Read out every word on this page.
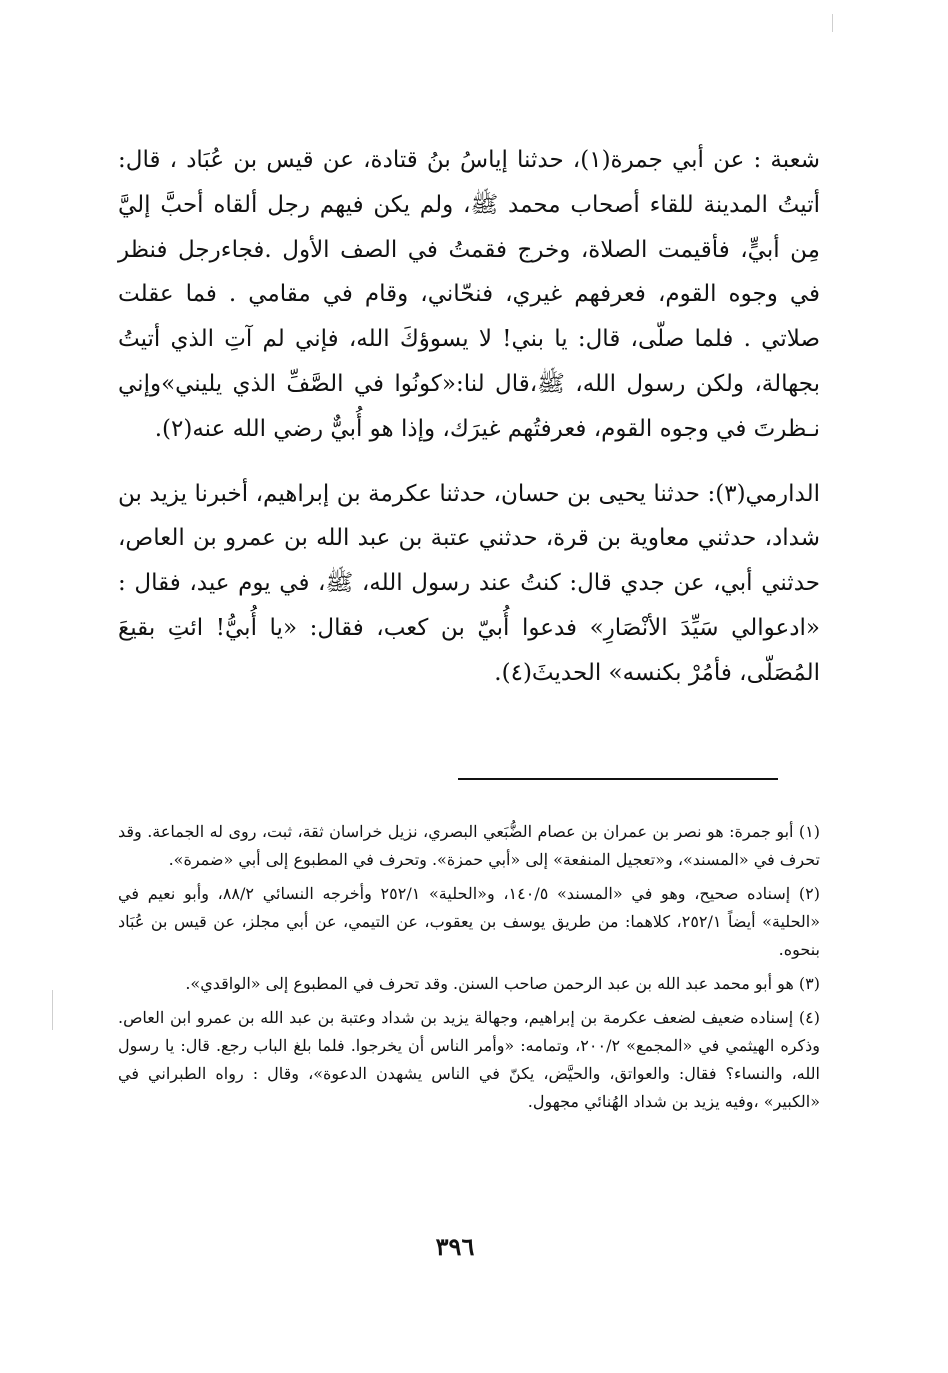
شعبة : عن أبي جمرة(١)، حدثنا إياسُ بنُ قتادة، عن قيس بن عُبَاد ، قال: أتيتُ المدينة للقاء أصحاب محمد ﷺ، ولم يكن فيهم رجل ألقاه أحبَّ إليَّ مِن أبيٍّ، فأقيمت الصلاة، وخرج فقمتُ في الصف الأول .فجاءرجل فنظر في وجوه القوم، فعرفهم غيري، فنحّاني، وقام في مقامي . فما عقلت صلاتي . فلما صلّى، قال: يا بني! لا يسوؤكَ الله، فإني لم آتِ الذي أتيتُ بجهالة، ولكن رسول الله، ﷺ،قال لنا:«كونُوا في الصَّفِّ الذي يليني»وإني نـظرتَ في وجوه القوم، فعرفتُهم غيرَك، وإذا هو أُبيٌّ رضي الله عنه(٢).

الدارمي(٣): حدثنا يحيى بن حسان، حدثنا عكرمة بن إبراهيم، أخبرنا يزيد بن شداد، حدثني معاوية بن قرة، حدثني عتبة بن عبد الله بن عمرو بن العاص، حدثني أبي، عن جدي قال: كنتُ عند رسول الله، ﷺ، في يوم عيد، فقال : «ادعوالي سَيِّدَ الأنْصَارِ» فدعوا أُبيّ بن كعب، فقال: «يا أُبيُّ! ائتِ بقيعَ المُصَلّى، فأمُرْ بكنسه» الحديثَ(٤).

(١) أبو جمرة: هو نصر بن عمران بن عصام الضُّبَعي البصري، نزيل خراسان ثقة، ثبت، روى له الجماعة. وقد تحرف في «المسند»، و«تعجيل المنفعة» إلى «أبي حمزة». وتحرف في المطبوع إلى أبي «ضمرة».

(٢) إسناده صحيح، وهو في «المسند» ١٤٠/٥، و«الحلية» ٢٥٢/١ وأخرجه النسائي ٨٨/٢، وأبو نعيم في «الحلية» أيضاً ٢٥٢/١، كلاهما: من طريق يوسف بن يعقوب، عن التيمي، عن أبي مجلز، عن قيس بن عُبَاد بنحوه.

(٣) هو أبو محمد عبد الله بن عبد الرحمن صاحب السنن. وقد تحرف في المطبوع إلى «الواقدي».

(٤) إسناده ضعيف لضعف عكرمة بن إبراهيم، وجهالة يزيد بن شداد وعتبة بن عبد الله بن عمرو ابن العاص. وذكره الهيثمي في «المجمع» ٢٠٠/٢، وتمامه: «وأمر الناس أن يخرجوا. فلما بلغ الباب رجع. قال: يا رسول الله، والنساء؟ فقال: والعواتق، والحيَّض، يكنّ في الناس يشهدن الدعوة»، وقال : رواه الطبراني في «الكبير» ،وفيه يزيد بن شداد الهُنائي مجهول.

٣٩٦
